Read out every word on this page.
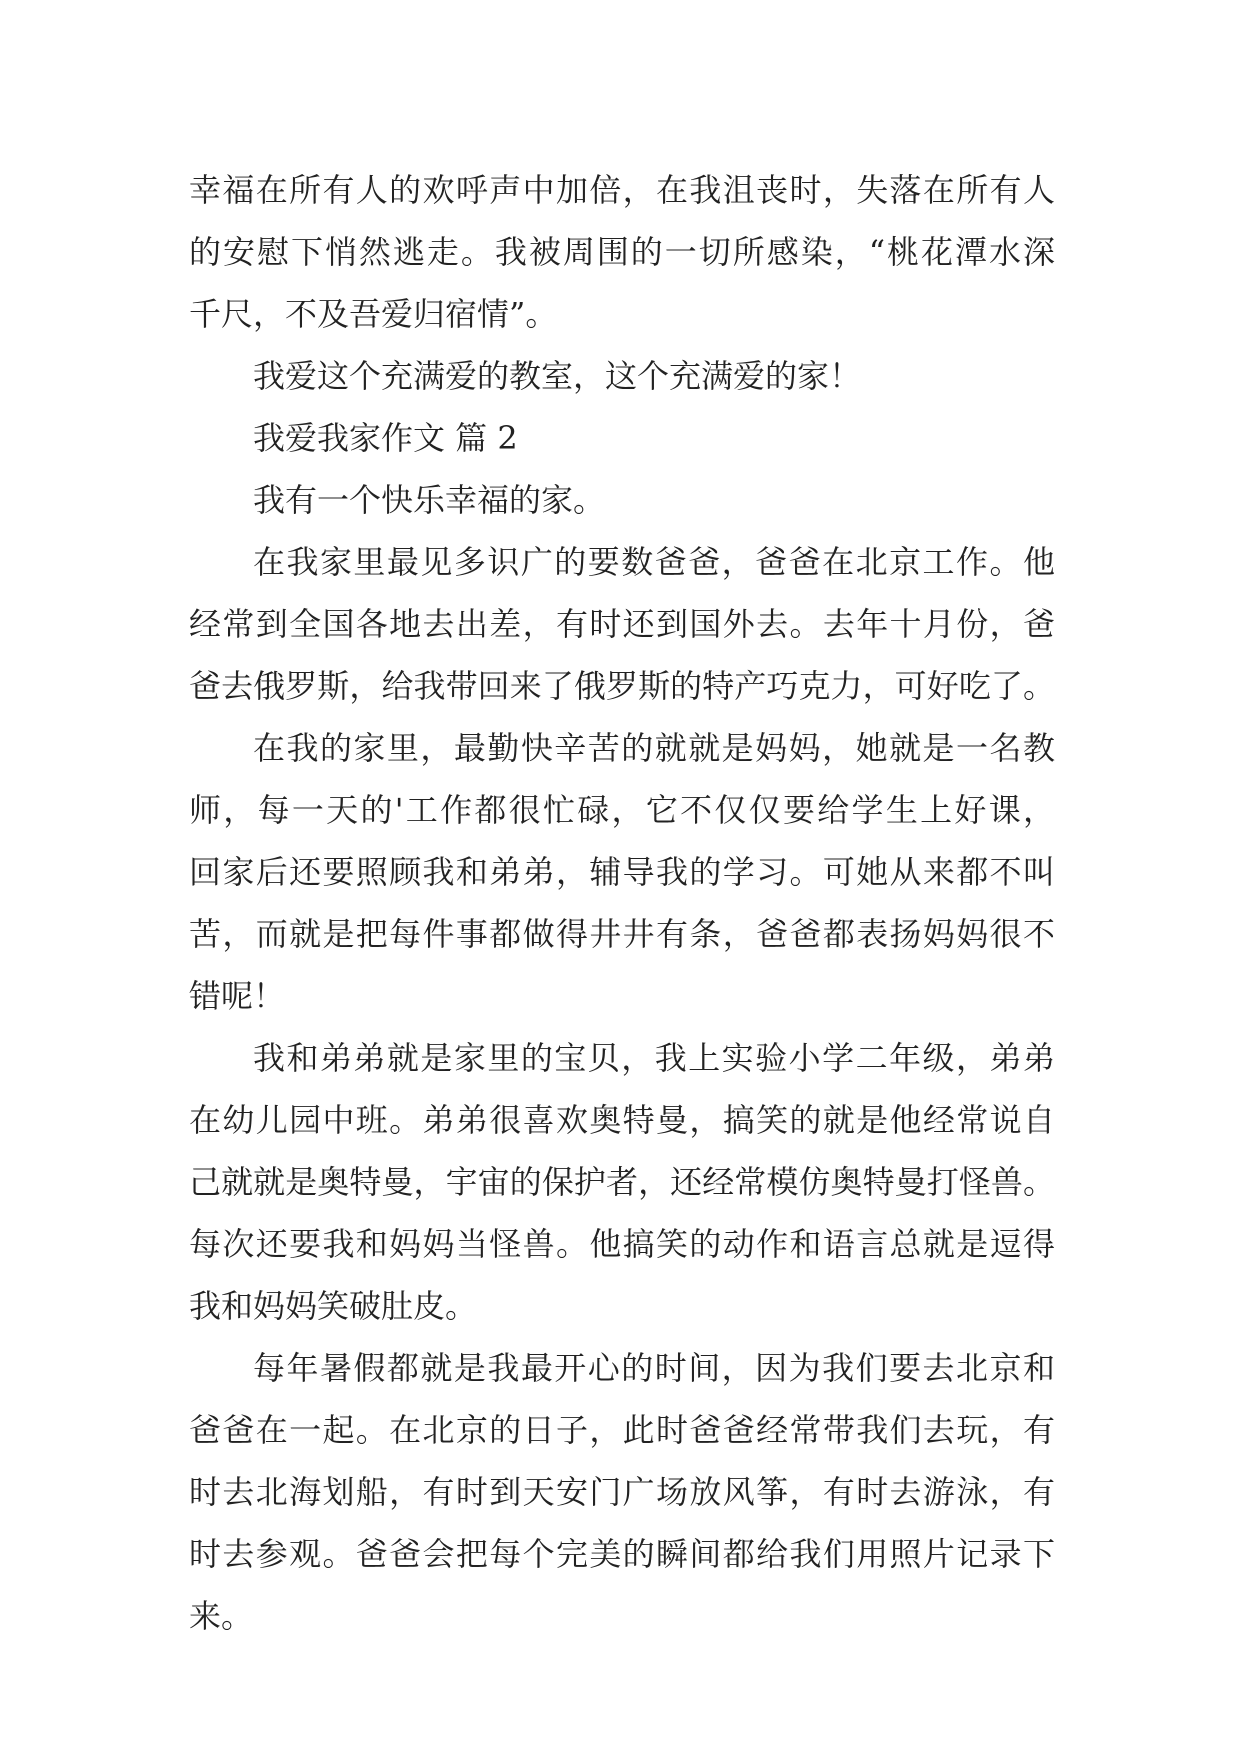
幸福在所有人的欢呼声中加倍，在我沮丧时，失落在所有人
的安慰下悄然逃走。我被周围的一切所感染，“桃花潭水深
千尺，不及吾爱归宿情”。
我爱这个充满爱的教室，这个充满爱的家！
我爱我家作文 篇 2
我有一个快乐幸福的家。
在我家里最见多识广的要数爸爸，爸爸在北京工作。他
经常到全国各地去出差，有时还到国外去。去年十月份，爸
爸去俄罗斯，给我带回来了俄罗斯的特产巧克力，可好吃了。
在我的家里，最勤快辛苦的就就是妈妈，她就是一名教
师，每一天的'工作都很忙碌，它不仅仅要给学生上好课，
回家后还要照顾我和弟弟，辅导我的学习。可她从来都不叫
苦，而就是把每件事都做得井井有条，爸爸都表扬妈妈很不
错呢！
我和弟弟就是家里的宝贝，我上实验小学二年级，弟弟
在幼儿园中班。弟弟很喜欢奥特曼，搞笑的就是他经常说自
己就就是奥特曼，宇宙的保护者，还经常模仿奥特曼打怪兽。
每次还要我和妈妈当怪兽。他搞笑的动作和语言总就是逗得
我和妈妈笑破肚皮。
每年暑假都就是我最开心的时间，因为我们要去北京和
爸爸在一起。在北京的日子，此时爸爸经常带我们去玩，有
时去北海划船，有时到天安门广场放风筝，有时去游泳，有
时去参观。爸爸会把每个完美的瞬间都给我们用照片记录下
来。
